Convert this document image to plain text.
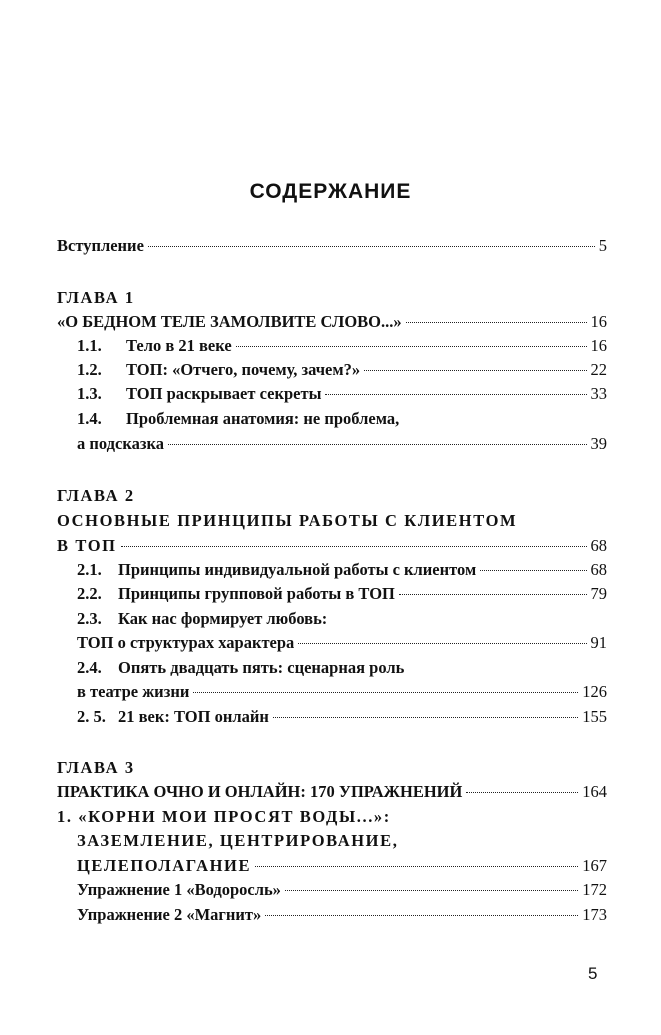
СОДЕРЖАНИЕ
Вступление	5
ГЛАВА 1
«О БЕДНОМ ТЕЛЕ ЗАМОЛВИТЕ СЛОВО...»	16
1.1.	Тело в 21 веке	16
1.2.	ТОП: «Отчего, почему, зачем?»	22
1.3.	ТОП раскрывает секреты	33
1.4.	Проблемная анатомия: не проблема,
а подсказка	39
ГЛАВА 2
ОСНОВНЫЕ ПРИНЦИПЫ РАБОТЫ С КЛИЕНТОМ
В ТОП	68
2.1. Принципы индивидуальной работы с клиентом	68
2.2. Принципы групповой работы в ТОП	79
2.3. Как нас формирует любовь:
ТОП о структурах характера	91
2.4. Опять двадцать пять: сценарная роль
в театре жизни	126
2. 5. 21 век: ТОП онлайн	155
ГЛАВА 3
ПРАКТИКА ОЧНО И ОНЛАЙН: 170 УПРАЖНЕНИЙ	164
1. «КОРНИ МОИ ПРОСЯТ ВОДЫ...»:
ЗАЗЕМЛЕНИЕ, ЦЕНТРИРОВАНИЕ,
ЦЕЛЕПОЛАГАНИЕ	167
Упражнение 1 «Водоросль»	172
Упражнение 2 «Магнит»	173
5
